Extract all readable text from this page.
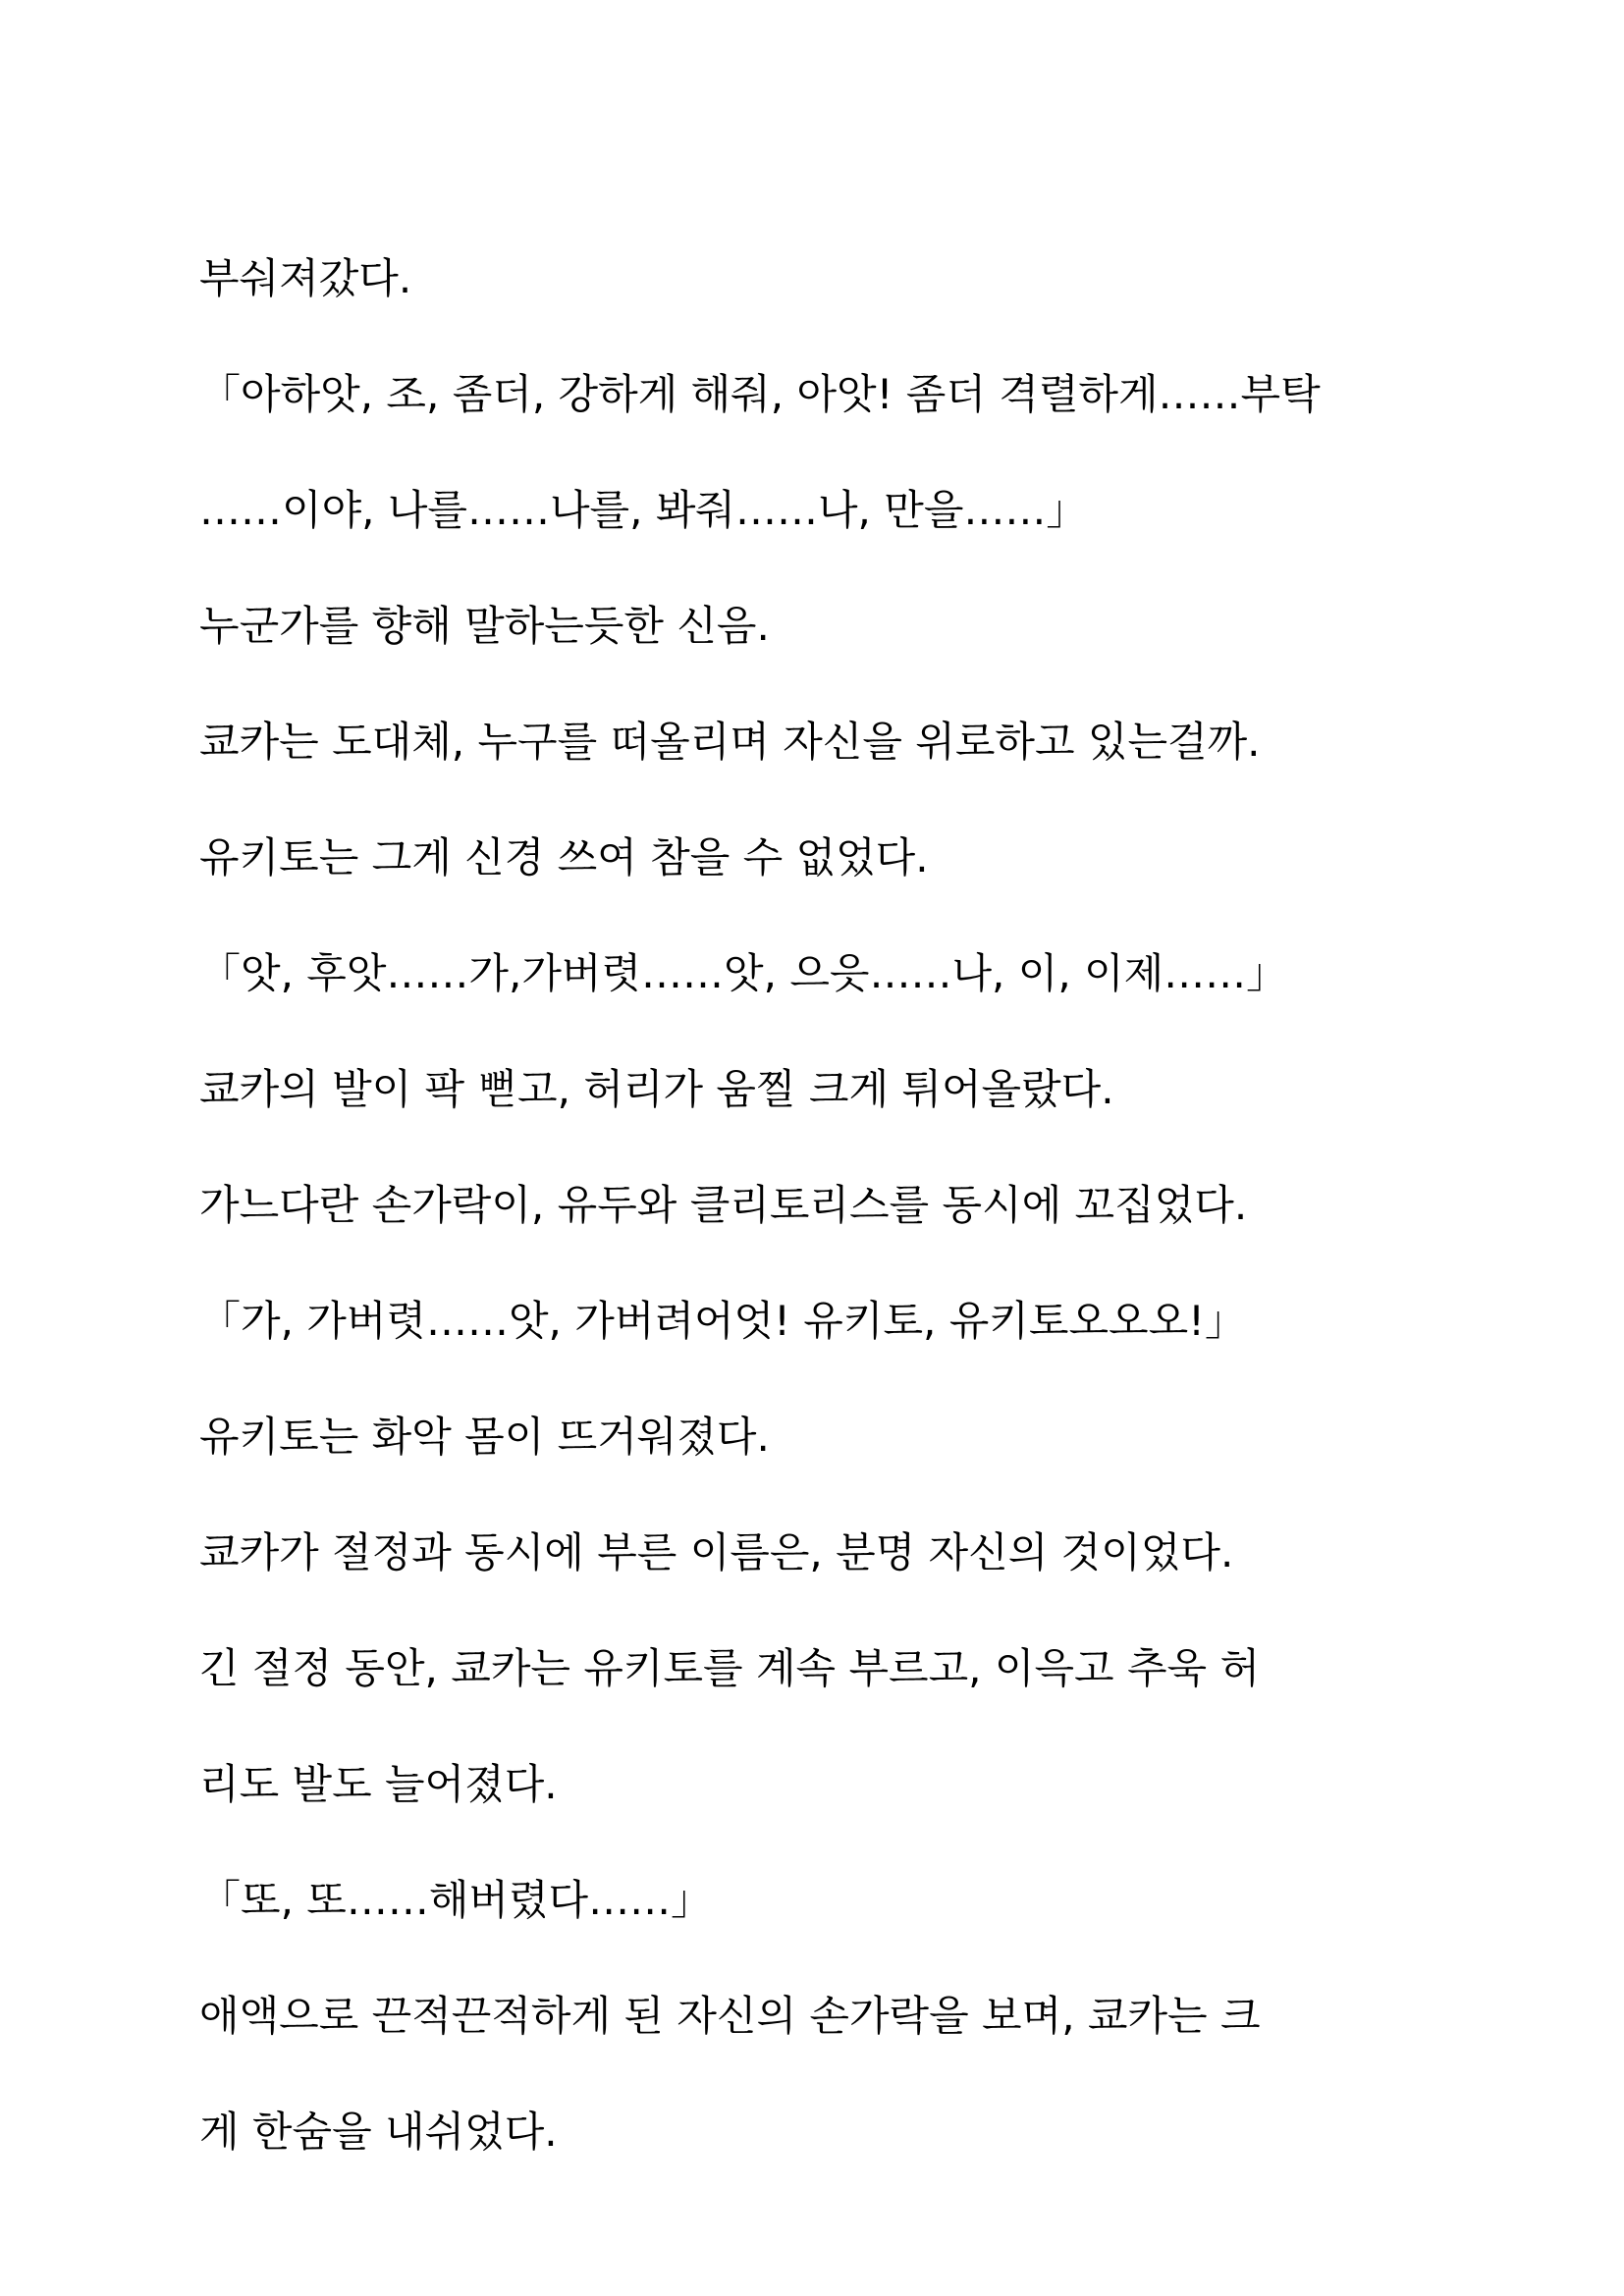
부숴져갔다.

「아하앗, 조, 좀더, 강하게 해줘, 아앗! 좀더 격렬하게……부탁

……이야, 나를……나를, 봐줘……나, 만을……」

누군가를 향해 말하는듯한 신음.

쿄카는 도대체, 누구를 떠올리며 자신을 위로하고 있는걸까.

유키토는 그게 신경 쓰여 참을 수 없었다.

「앗, 후앗……가,가버렷……앗, 으읏……나, 이, 이제……」

쿄카의 발이 팍 뻗고, 허리가 움찔 크게 튀어올랐다.

가느다란 손가락이, 유두와 클리토리스를 동시에 꼬집었다.

「가, 가버렷……앗, 가버려어엇! 유키토, 유키토오오오!」

유키토는 화악 몸이 뜨거워졌다.

쿄카가 절정과 동시에 부른 이름은, 분명 자신의 것이었다.

긴 절정 동안, 쿄카는 유키토를 계속 부르고, 이윽고 추욱 허

리도 발도 늘어졌다.

「또, 또……해버렸다……」

애액으로 끈적끈적하게 된 자신의 손가락을 보며, 쿄카는 크

게 한숨을 내쉬었다.
